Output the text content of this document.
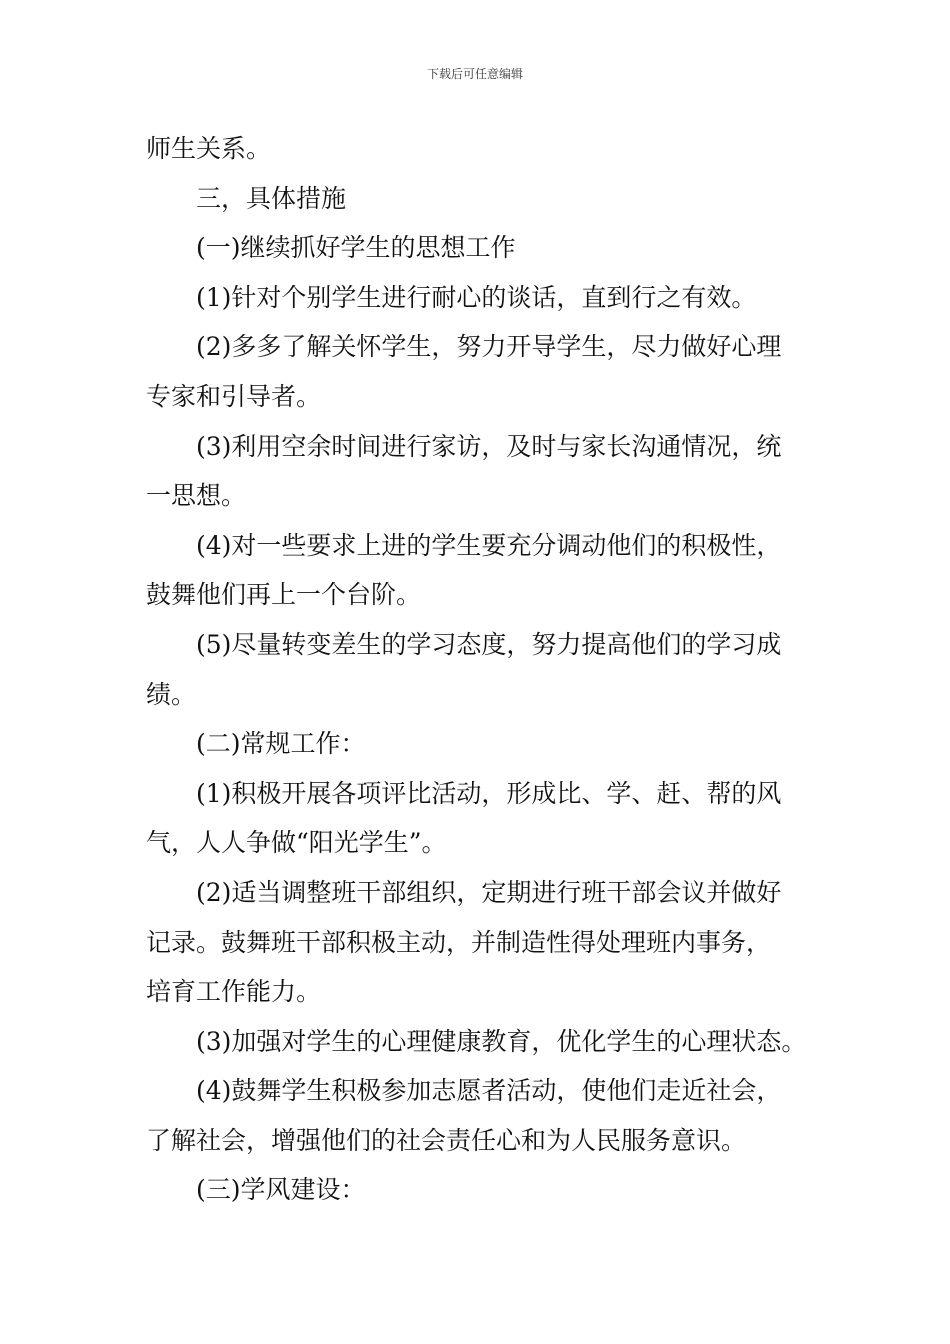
下载后可任意编辑

师生关系。

三，具体措施

(一)继续抓好学生的思想工作

(1)针对个别学生进行耐心的谈话，直到行之有效。

(2)多多了解关怀学生，努力开导学生，尽力做好心理
专家和引导者。

(3)利用空余时间进行家访，及时与家长沟通情况，统
一思想。

(4)对一些要求上进的学生要充分调动他们的积极性，
鼓舞他们再上一个台阶。

(5)尽量转变差生的学习态度，努力提高他们的学习成
绩。

(二)常规工作：

(1)积极开展各项评比活动，形成比、学、赶、帮的风
气，人人争做“阳光学生”。

(2)适当调整班干部组织，定期进行班干部会议并做好
记录。鼓舞班干部积极主动，并制造性得处理班内事务，
培育工作能力。

(3)加强对学生的心理健康教育，优化学生的心理状态。

(4)鼓舞学生积极参加志愿者活动，使他们走近社会，
了解社会，增强他们的社会责任心和为人民服务意识。

(三)学风建设：
